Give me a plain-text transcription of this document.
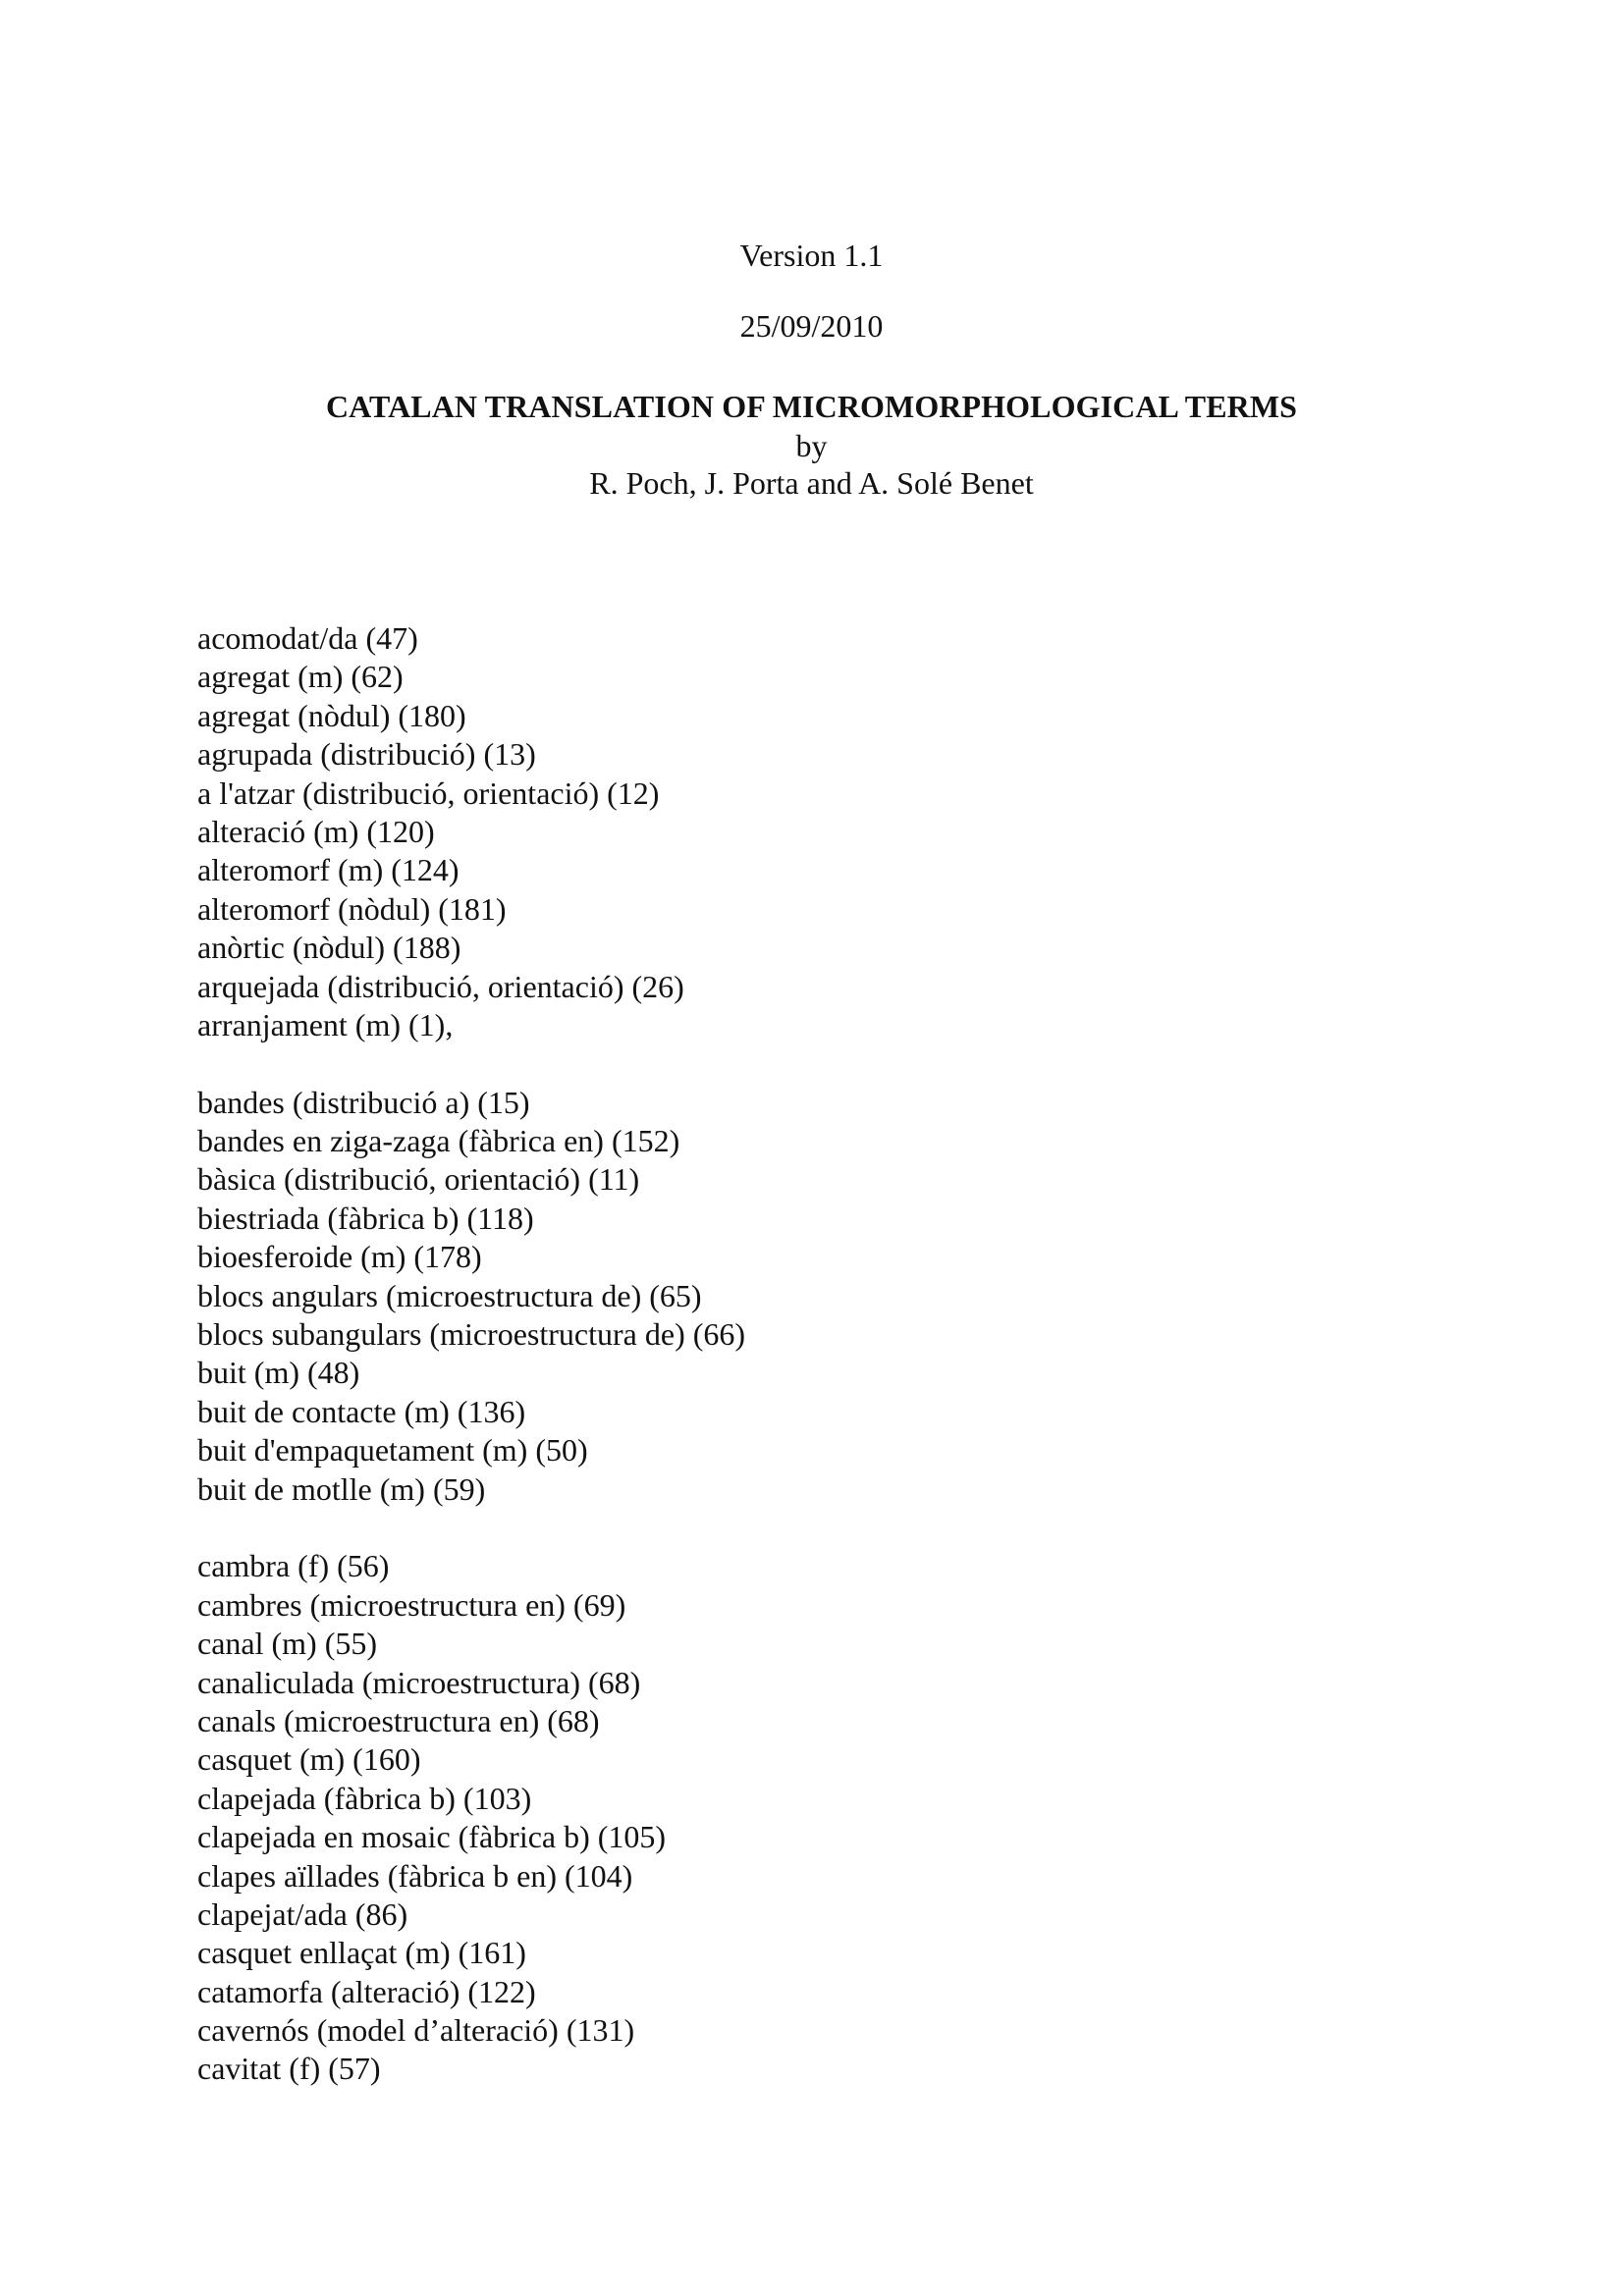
Version 1.1
25/09/2010
CATALAN TRANSLATION OF MICROMORPHOLOGICAL TERMS
by
R. Poch, J. Porta and A. Solé Benet
acomodat/da (47)
agregat (m) (62)
agregat (nòdul) (180)
agrupada (distribució) (13)
a l'atzar (distribució, orientació) (12)
alteració (m) (120)
alteromorf (m) (124)
alteromorf (nòdul) (181)
anòrtic (nòdul) (188)
arquejada (distribució, orientació) (26)
arranjament (m) (1),
bandes (distribució a) (15)
bandes en ziga-zaga (fàbrica en) (152)
bàsica (distribució, orientació) (11)
biestriada (fàbrica b) (118)
bioesferoide (m) (178)
blocs angulars (microestructura de) (65)
blocs subangulars (microestructura de) (66)
buit (m) (48)
buit de contacte (m) (136)
buit d'empaquetament (m) (50)
buit de motlle (m) (59)
cambra (f) (56)
cambres (microestructura en) (69)
canal (m) (55)
canaliculada (microestructura) (68)
canals (microestructura en) (68)
casquet (m) (160)
clapejada (fàbrica b) (103)
clapejada en mosaic (fàbrica b) (105)
clapes aïllades (fàbrica b en) (104)
clapejat/ada (86)
casquet enllaçat (m) (161)
catamorfa (alteració) (122)
cavernós (model d’alteració) (131)
cavitat (f) (57)
